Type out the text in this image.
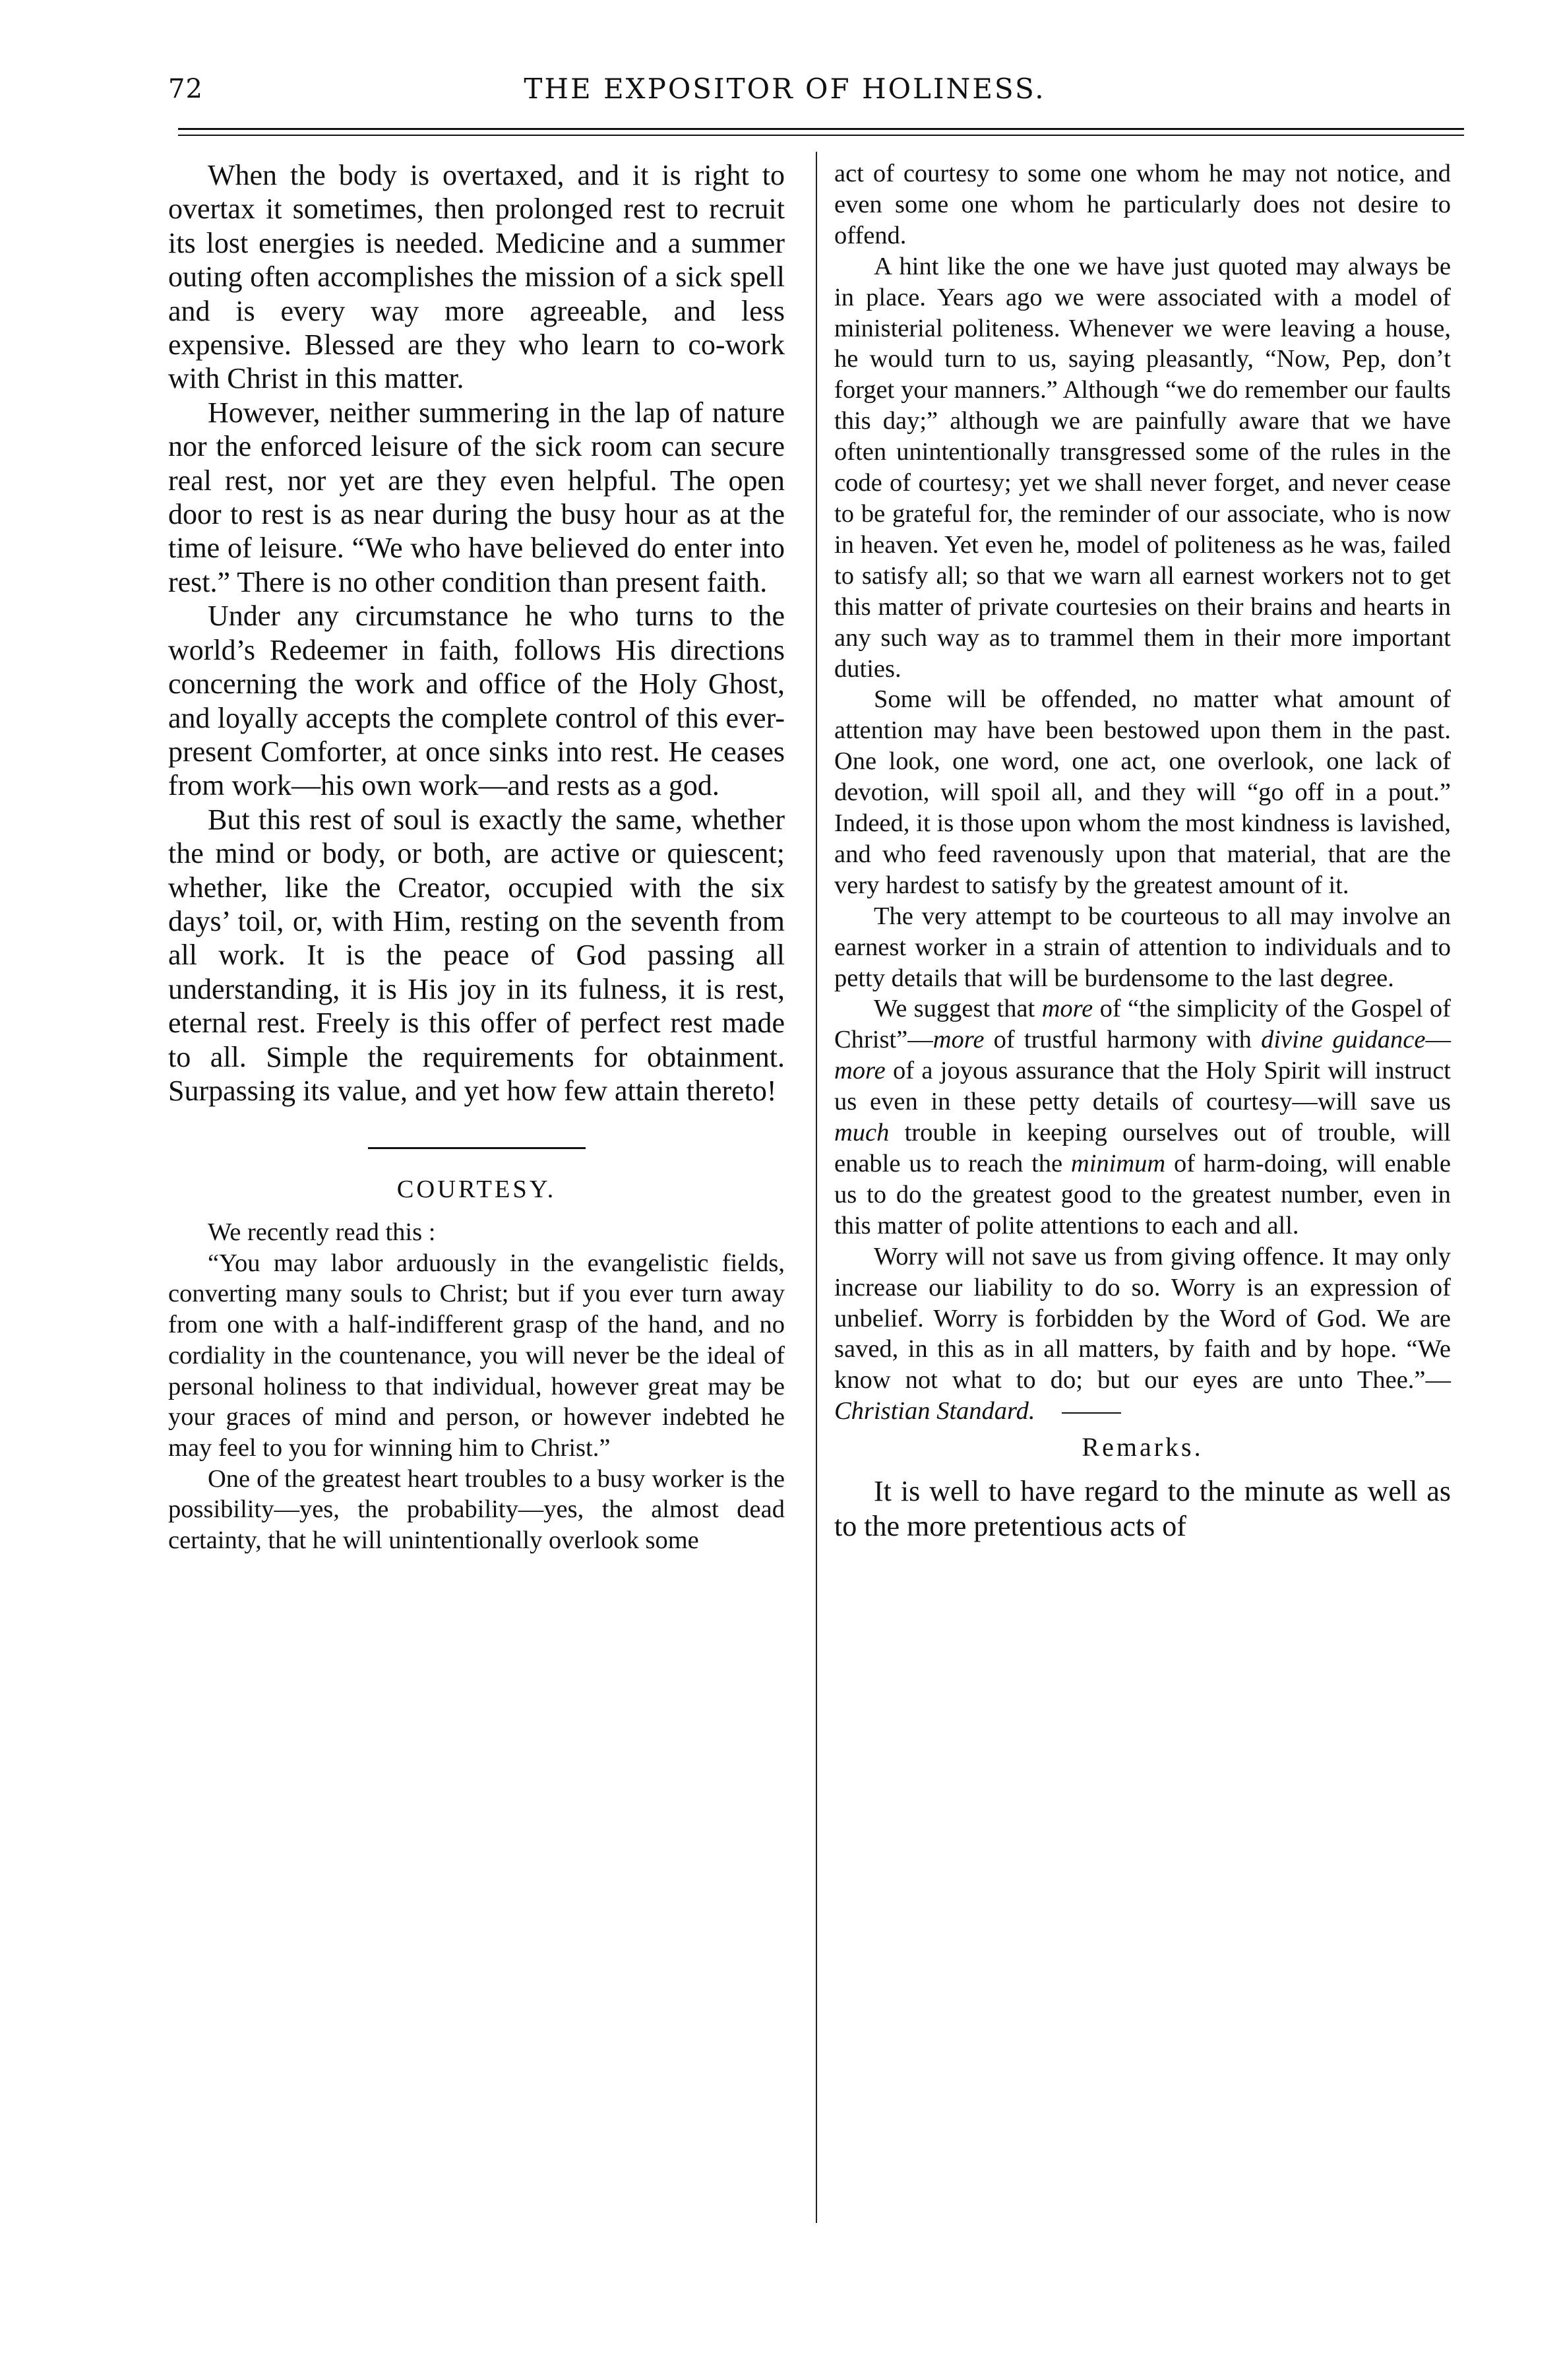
72	THE EXPOSITOR OF HOLINESS.

When the body is overtaxed, and it is right to overtax it sometimes, then prolonged rest to recruit its lost energies is needed. Medicine and a summer outing often accomplishes the mission of a sick spell and is every way more agreeable, and less expensive. Blessed are they who learn to co-work with Christ in this matter.

However, neither summering in the lap of nature nor the enforced leisure of the sick room can secure real rest, nor yet are they even helpful. The open door to rest is as near during the busy hour as at the time of leisure. “We who have believed do enter into rest.” There is no other condition than present faith.

Under any circumstance he who turns to the world’s Redeemer in faith, follows His directions concerning the work and office of the Holy Ghost, and loyally accepts the complete control of this ever-present Comforter, at once sinks into rest. He ceases from work—his own work—and rests as a god.

But this rest of soul is exactly the same, whether the mind or body, or both, are active or quiescent; whether, like the Creator, occupied with the six days’ toil, or, with Him, resting on the seventh from all work. It is the peace of God passing all understanding, it is His joy in its fulness, it is rest, eternal rest. Freely is this offer of perfect rest made to all. Simple the requirements for obtainment. Surpassing its value, and yet how few attain thereto!

COURTESY.

We recently read this :

“You may labor arduously in the evangelistic fields, converting many souls to Christ; but if you ever turn away from one with a half-indifferent grasp of the hand, and no cordiality in the countenance, you will never be the ideal of personal holiness to that individual, however great may be your graces of mind and person, or however indebted he may feel to you for winning him to Christ.”

One of the greatest heart troubles to a busy worker is the possibility—yes, the probability—yes, the almost dead certainty, that he will unintentionally overlook some

act of courtesy to some one whom he may not notice, and even some one whom he particularly does not desire to offend.

A hint like the one we have just quoted may always be in place. Years ago we were associated with a model of ministerial politeness. Whenever we were leaving a house, he would turn to us, saying pleasantly, “Now, Pep, don’t forget your manners.” Although “we do remember our faults this day;” although we are painfully aware that we have often unintentionally transgressed some of the rules in the code of courtesy; yet we shall never forget, and never cease to be grateful for, the reminder of our associate, who is now in heaven. Yet even he, model of politeness as he was, failed to satisfy all; so that we warn all earnest workers not to get this matter of private courtesies on their brains and hearts in any such way as to trammel them in their more important duties.

Some will be offended, no matter what amount of attention may have been bestowed upon them in the past. One look, one word, one act, one overlook, one lack of devotion, will spoil all, and they will “go off in a pout.” Indeed, it is those upon whom the most kindness is lavished, and who feed ravenously upon that material, that are the very hardest to satisfy by the greatest amount of it.

The very attempt to be courteous to all may involve an earnest worker in a strain of attention to individuals and to petty details that will be burdensome to the last degree.

We suggest that more of “the simplicity of the Gospel of Christ”—more of trustful harmony with divine guidance—more of a joyous assurance that the Holy Spirit will instruct us even in these petty details of courtesy—will save us much trouble in keeping ourselves out of trouble, will enable us to reach the minimum of harm-doing, will enable us to do the greatest good to the greatest number, even in this matter of polite attentions to each and all.

Worry will not save us from giving offence. It may only increase our liability to do so. Worry is an expression of unbelief. Worry is forbidden by the Word of God. We are saved, in this as in all matters, by faith and by hope. “We know not what to do; but our eyes are unto Thee.”—Christian Standard.

Remarks.

It is well to have regard to the minute as well as to the more pretentious acts of
